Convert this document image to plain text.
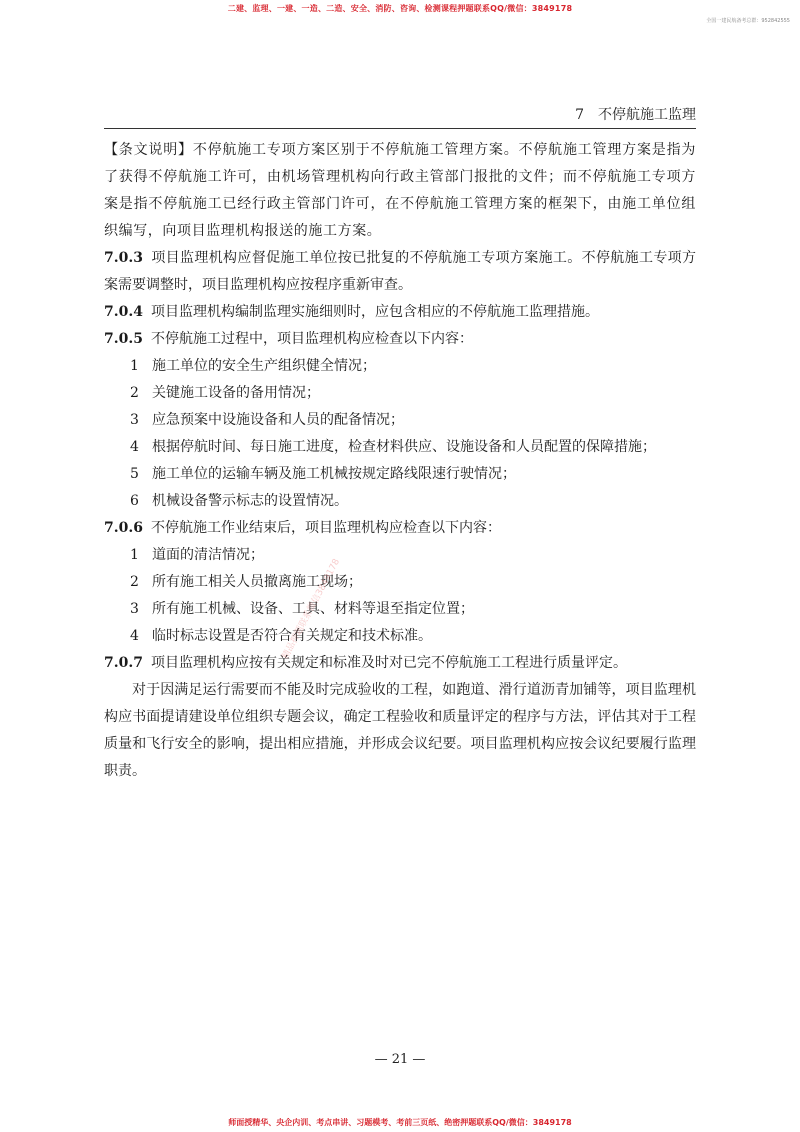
二建、监理、一建、一造、二造、安全、消防、咨询、检测课程押题联系QQ/微信：3849178
全国一建民航备考总群：952842555
7　不停航施工监理
【条文说明】不停航施工专项方案区别于不停航施工管理方案。不停航施工管理方案是指为了获得不停航施工许可，由机场管理机构向行政主管部门报批的文件；而不停航施工专项方案是指不停航施工已经行政主管部门许可，在不停航施工管理方案的框架下，由施工单位组织编写，向项目监理机构报送的施工方案。
7.0.3 项目监理机构应督促施工单位按已批复的不停航施工专项方案施工。不停航施工专项方案需要调整时，项目监理机构应按程序重新审查。
7.0.4 项目监理机构编制监理实施细则时，应包含相应的不停航施工监理措施。
7.0.5 不停航施工过程中，项目监理机构应检查以下内容：
1 施工单位的安全生产组织健全情况；
2 关键施工设备的备用情况；
3 应急预案中设施设备和人员的配备情况；
4 根据停航时间、每日施工进度，检查材料供应、设施设备和人员配置的保障措施；
5 施工单位的运输车辆及施工机械按规定路线限速行驶情况；
6 机械设备警示标志的设置情况。
7.0.6 不停航施工作业结束后，项目监理机构应检查以下内容：
1 道面的清洁情况；
2 所有施工相关人员撤离施工现场；
3 所有施工机械、设备、工具、材料等退至指定位置；
4 临时标志设置是否符合有关规定和技术标准。
7.0.7 项目监理机构应按有关规定和标准及时对已完不停航施工工程进行质量评定。
对于因满足运行需要而不能及时完成验收的工程，如跑道、滑行道沥青加铺等，项目监理机构应书面提请建设单位组织专题会议，确定工程验收和质量评定的程序与方法，评估其对于工程质量和飞行安全的影响，提出相应措施，并形成会议纪要。项目监理机构应按会议纪要履行监理职责。
精品押题联系微信3849178
— 21 —
师面授精华、央企内训、考点串讲、习题模考、考前三页纸、绝密押题联系QQ/微信：3849178
